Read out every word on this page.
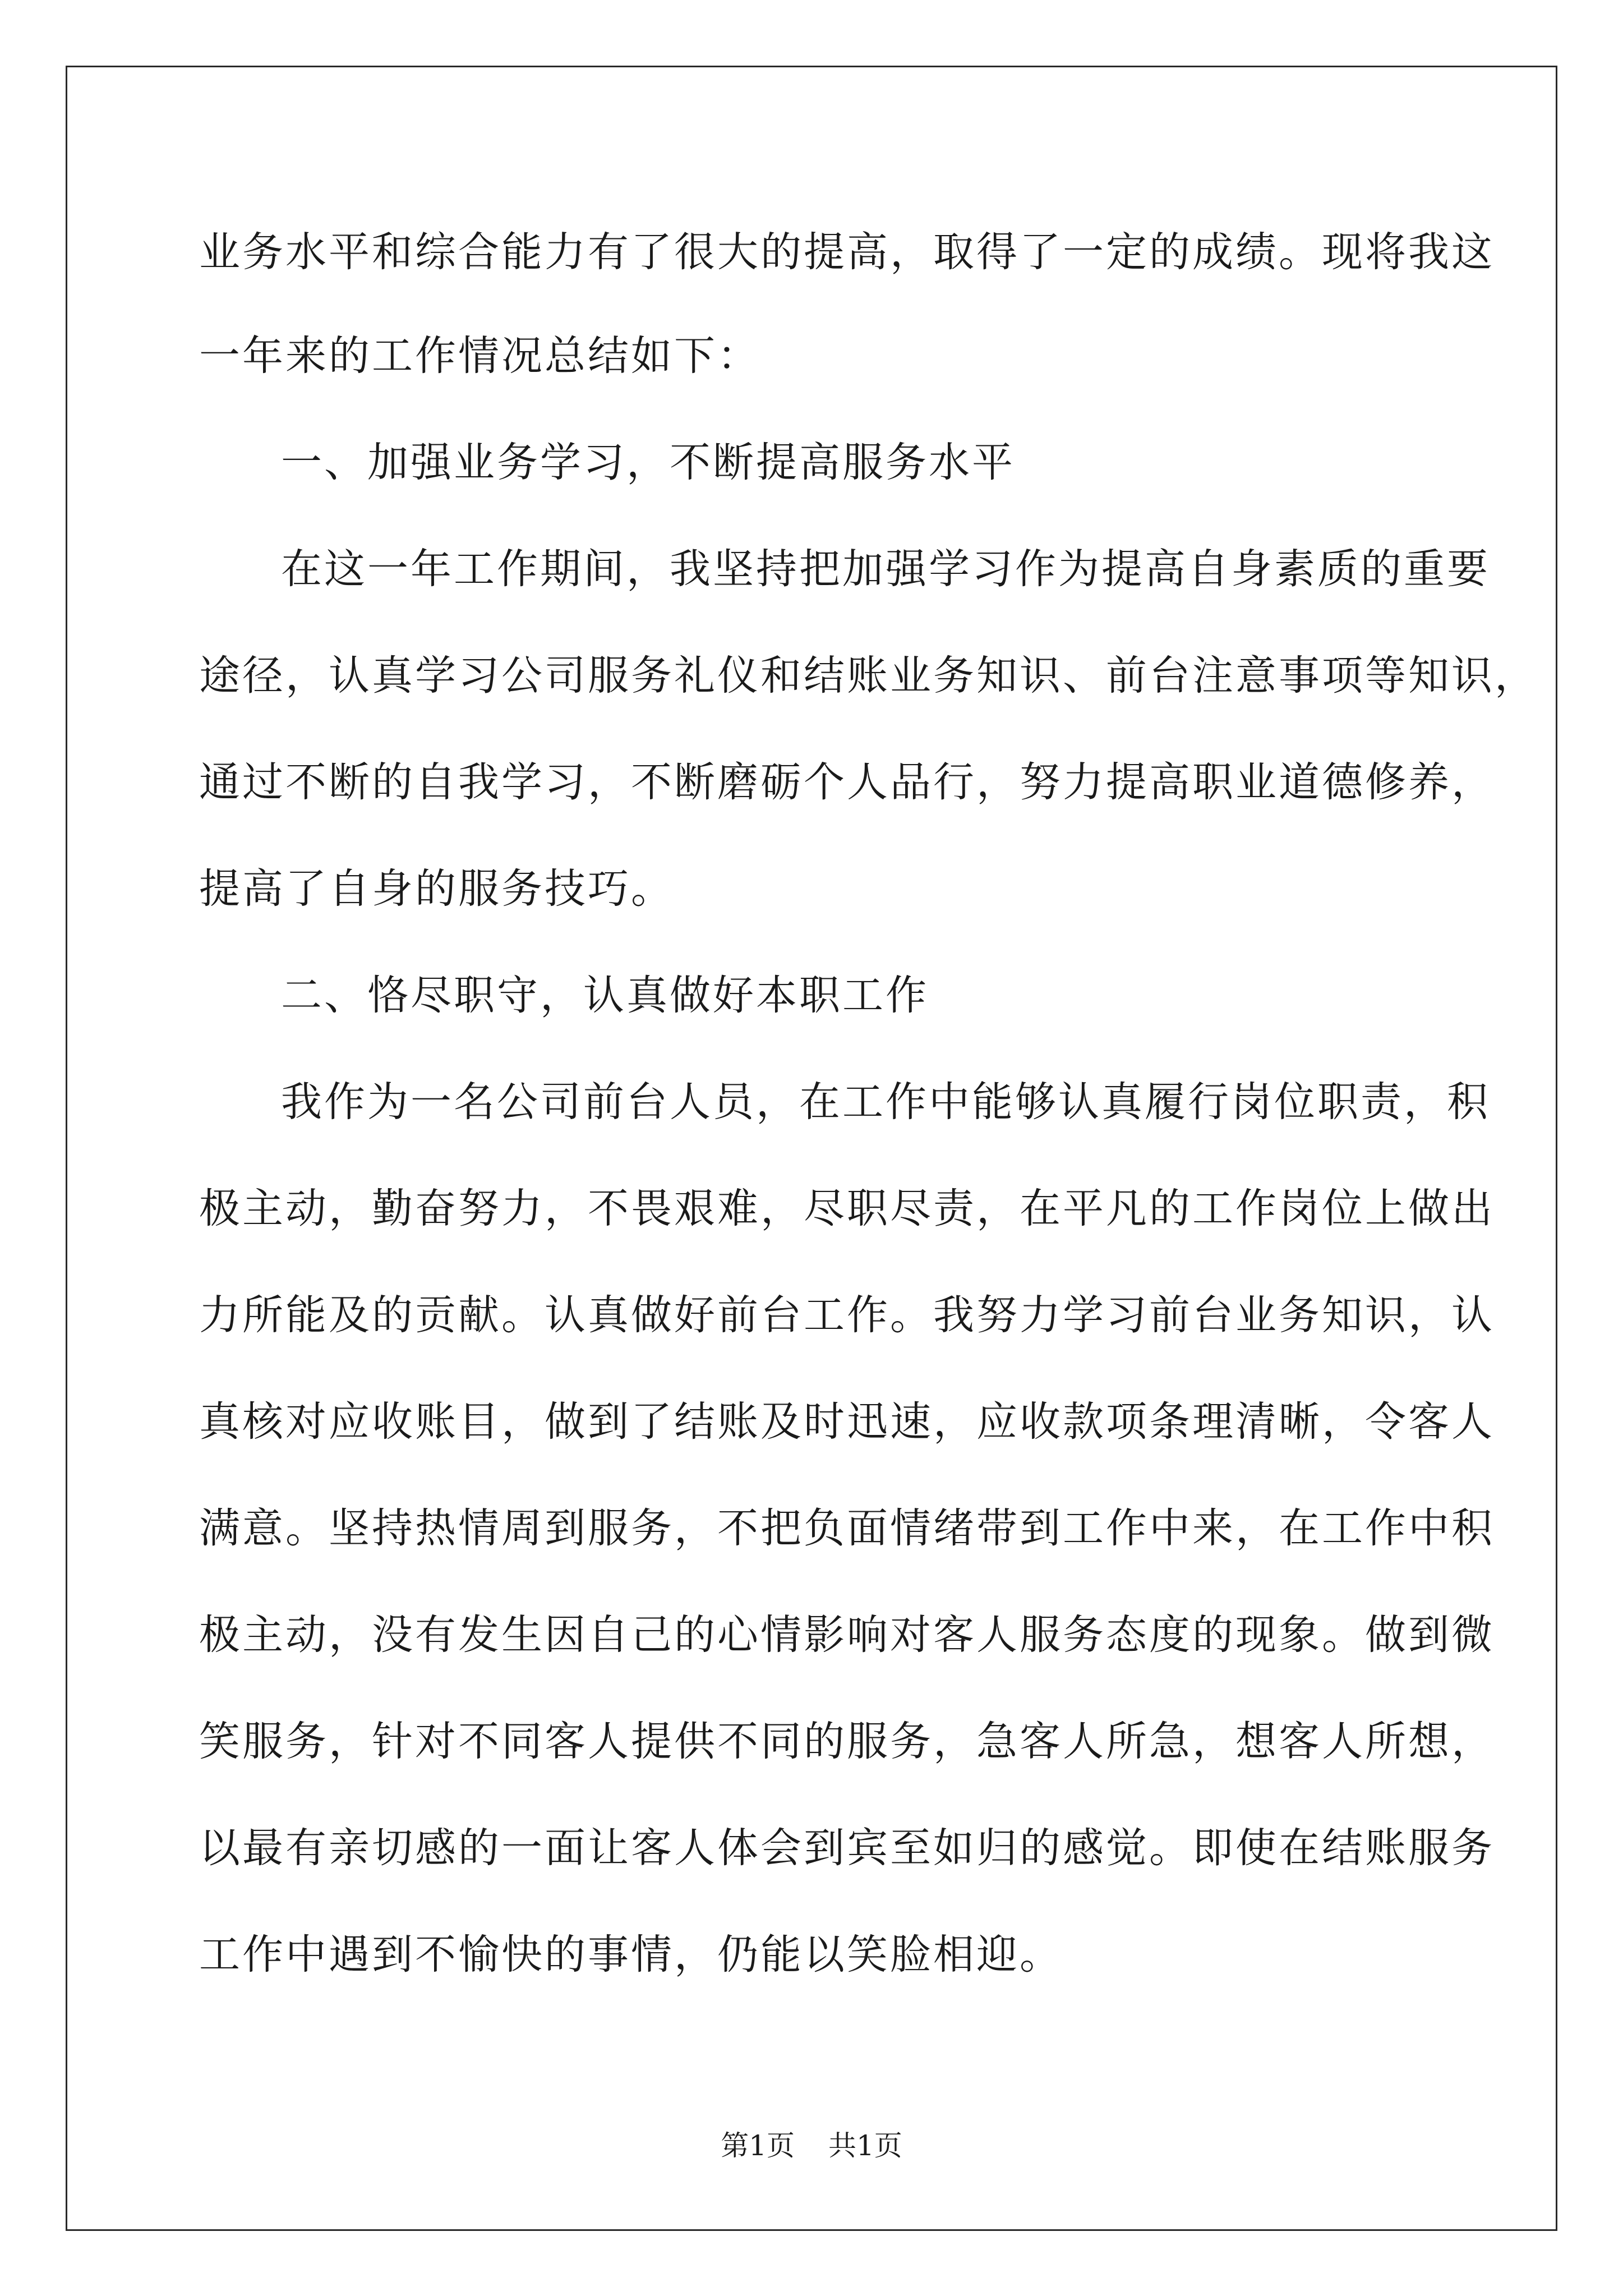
业务水平和综合能力有了很大的提高，取得了一定的成绩。现将我这
一年来的工作情况总结如下：
一、加强业务学习，不断提高服务水平
在这一年工作期间，我坚持把加强学习作为提高自身素质的重要
途径，认真学习公司服务礼仪和结账业务知识、前台注意事项等知识，
通过不断的自我学习，不断磨砺个人品行，努力提高职业道德修养，
提高了自身的服务技巧。
二、恪尽职守，认真做好本职工作
我作为一名公司前台人员，在工作中能够认真履行岗位职责，积
极主动，勤奋努力，不畏艰难，尽职尽责，在平凡的工作岗位上做出
力所能及的贡献。认真做好前台工作。我努力学习前台业务知识，认
真核对应收账目，做到了结账及时迅速，应收款项条理清晰，令客人
满意。坚持热情周到服务，不把负面情绪带到工作中来，在工作中积
极主动，没有发生因自己的心情影响对客人服务态度的现象。做到微
笑服务，针对不同客人提供不同的服务，急客人所急，想客人所想，
以最有亲切感的一面让客人体会到宾至如归的感觉。即使在结账服务
工作中遇到不愉快的事情，仍能以笑脸相迎。
第1页 共1页
